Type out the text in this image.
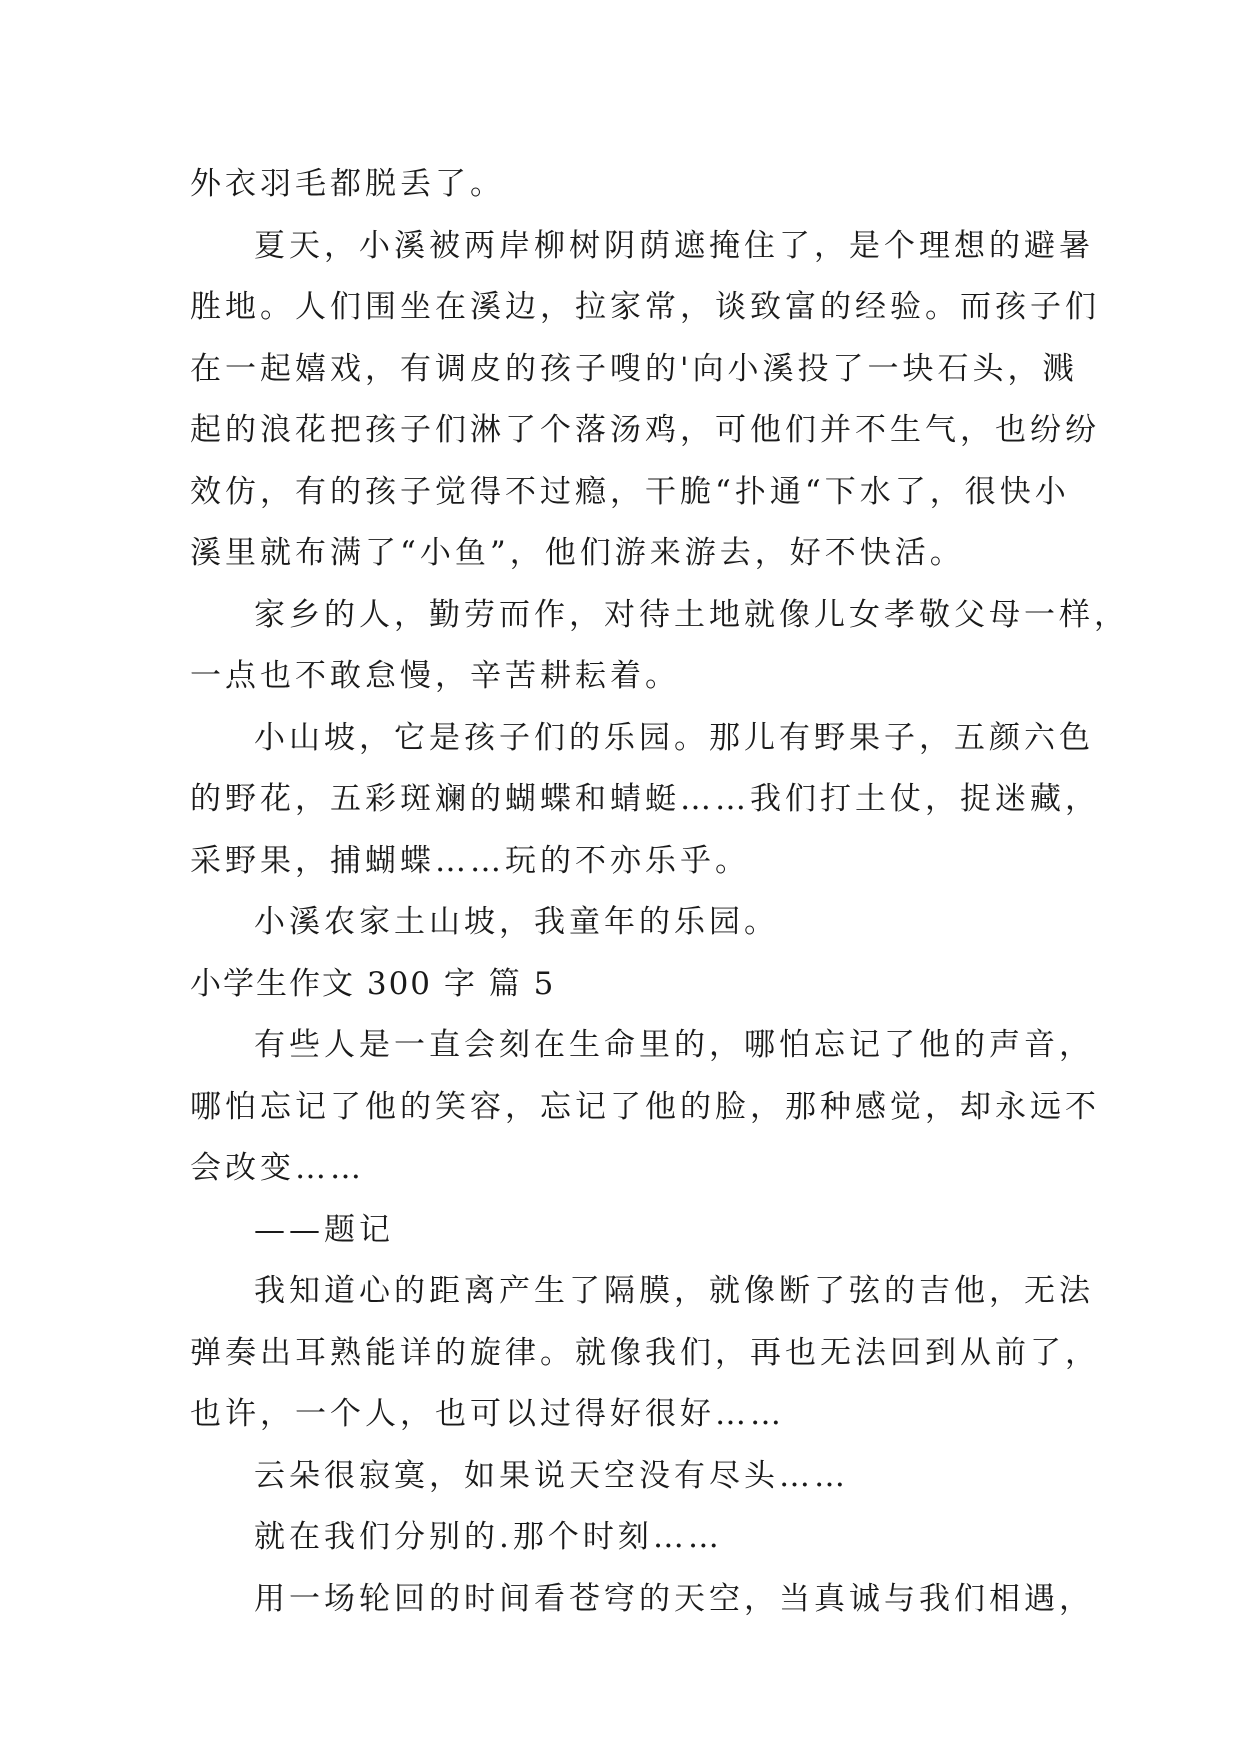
外衣羽毛都脱丢了。
夏天，小溪被两岸柳树阴荫遮掩住了，是个理想的避暑
胜地。人们围坐在溪边，拉家常，谈致富的经验。而孩子们
在一起嬉戏，有调皮的孩子嗖的'向小溪投了一块石头，溅
起的浪花把孩子们淋了个落汤鸡，可他们并不生气，也纷纷
效仿，有的孩子觉得不过瘾，干脆“扑通“下水了，很快小
溪里就布满了“小鱼”，他们游来游去，好不快活。
家乡的人，勤劳而作，对待土地就像儿女孝敬父母一样，
一点也不敢怠慢，辛苦耕耘着。
小山坡，它是孩子们的乐园。那儿有野果子，五颜六色
的野花，五彩斑斓的蝴蝶和蜻蜓……我们打土仗，捉迷藏，
采野果，捕蝴蝶……玩的不亦乐乎。
小溪农家土山坡，我童年的乐园。
小学生作文 300 字 篇 5
有些人是一直会刻在生命里的，哪怕忘记了他的声音，
哪怕忘记了他的笑容，忘记了他的脸，那种感觉，却永远不
会改变……
——题记
我知道心的距离产生了隔膜，就像断了弦的吉他，无法
弹奏出耳熟能详的旋律。就像我们，再也无法回到从前了，
也许，一个人，也可以过得好很好……
云朵很寂寞，如果说天空没有尽头……
就在我们分别的.那个时刻……
用一场轮回的时间看苍穹的天空，当真诚与我们相遇，
